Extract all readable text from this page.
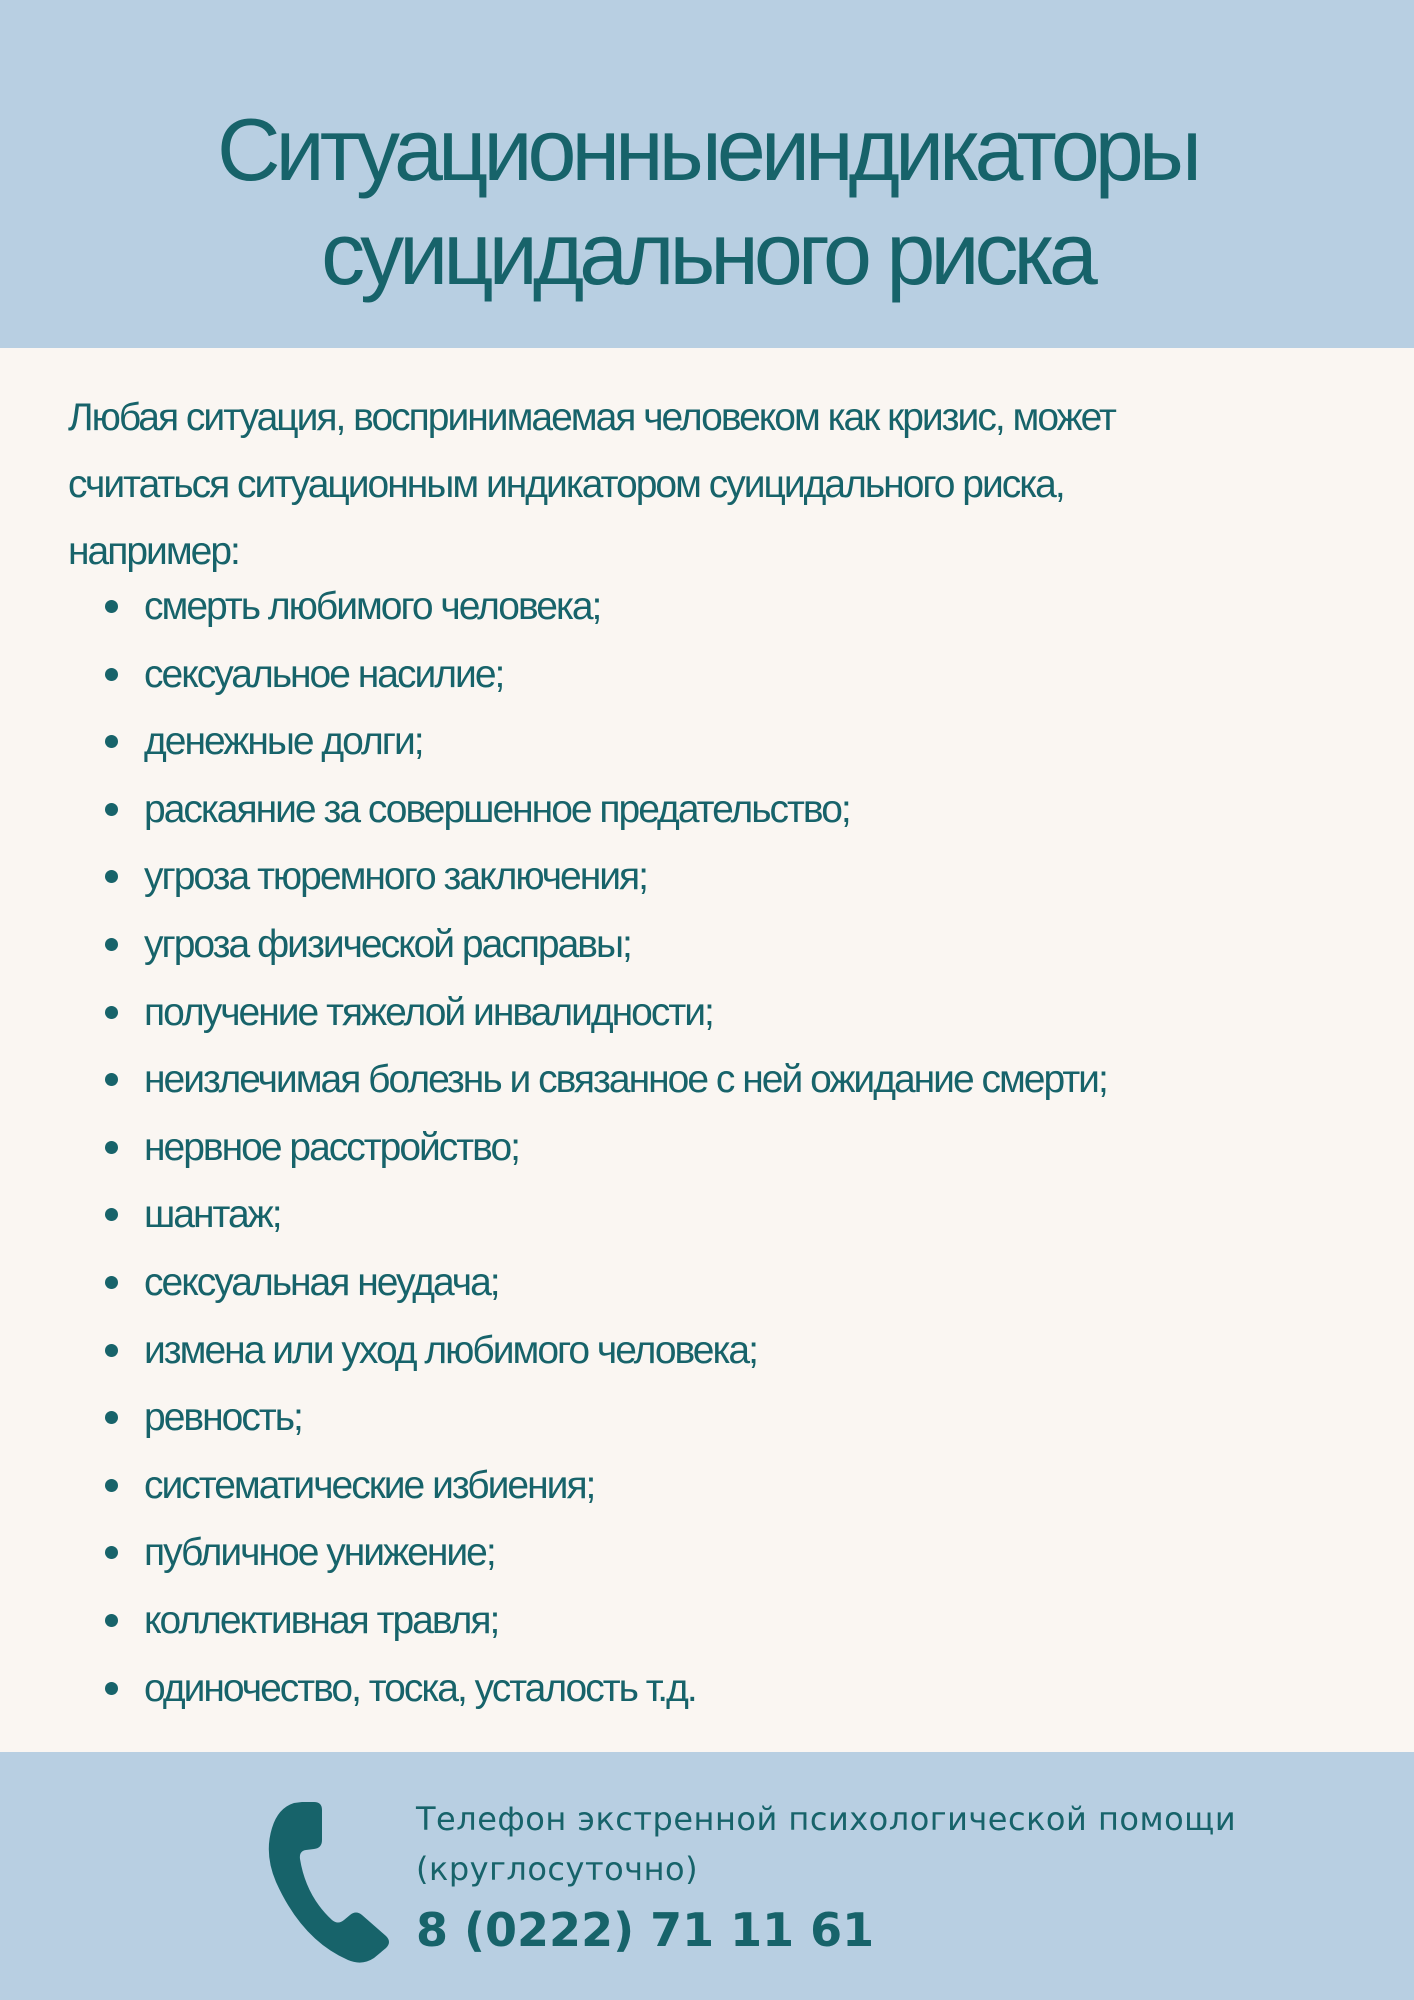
Ситуационныеиндикаторы
суицидального риска

Любая ситуация, воспринимаемая человеком как кризис, может
считаться ситуационным индикатором суицидального риска,
например:

смерть любимого человека;
сексуальное насилие;
денежные долги;
раскаяние за совершенное предательство;
угроза тюремного заключения;
угроза физической расправы;
получение тяжелой инвалидности;
неизлечимая болезнь и связанное с ней ожидание смерти;
нервное расстройство;
шантаж;
сексуальная неудача;
измена или уход любимого человека;
ревность;
систематические избиения;
публичное унижение;
коллективная травля;
одиночество, тоска, усталость т.д.

Телефон экстренной психологической помощи
(круглосуточно)

8 (0222) 71 11 61
